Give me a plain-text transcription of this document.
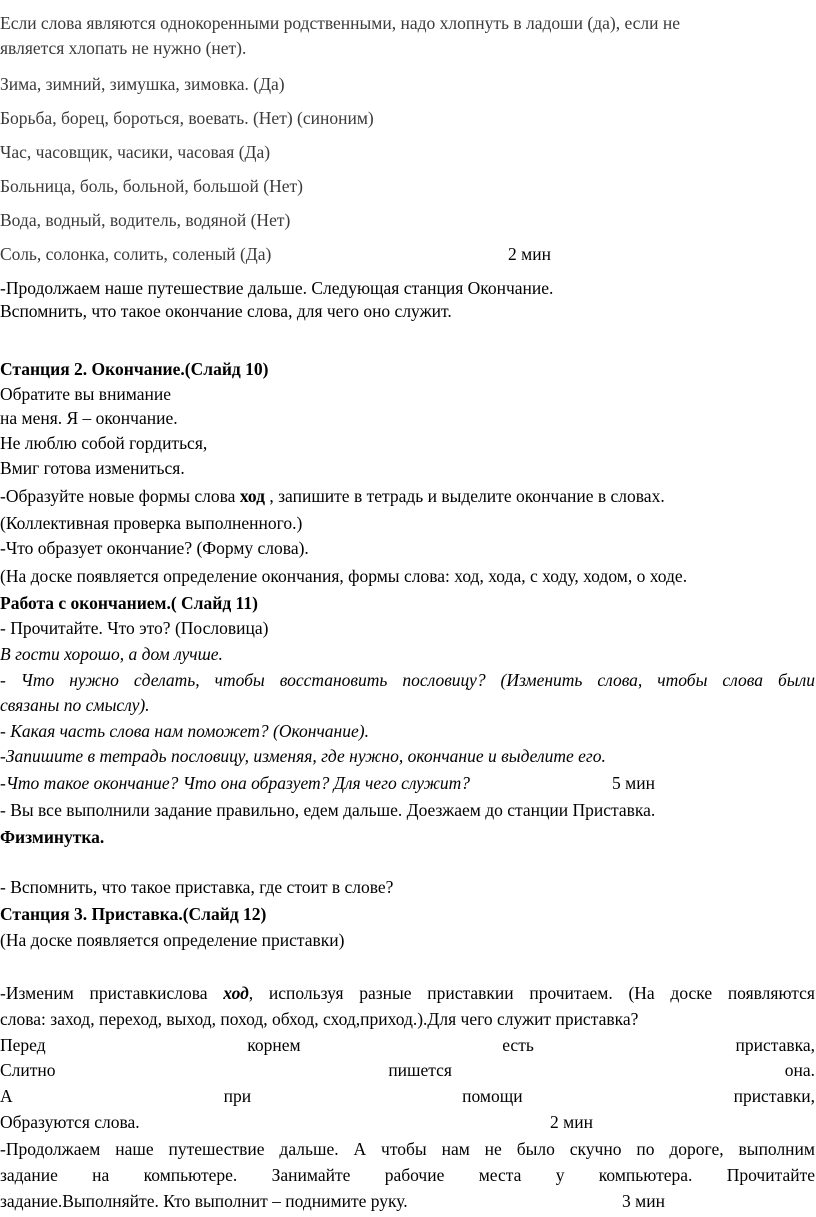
Если слова являются однокоренными родственными, надо хлопнуть в ладоши (да), если не
является хлопать не нужно (нет).
Зима, зимний, зимушка, зимовка. (Да)
Борьба, борец, бороться, воевать. (Нет) (синоним)
Час, часовщик, часики, часовая (Да)
Больница, боль, больной, большой (Нет)
Вода, водный, водитель, водяной (Нет)
Соль, солонка, солить, соленый (Да)	2 мин
-Продолжаем наше путешествие дальше. Следующая станция Окончание.
Вспомнить, что такое окончание слова, для чего оно служит.
Станция 2. Окончание.(Слайд 10)
Обратите вы внимание
на меня. Я – окончание.
Не люблю собой гордиться,
Вмиг готова измениться.
-Образуйте новые формы слова ход , запишите в тетрадь и выделите окончание в словах.
(Коллективная проверка выполненного.)
-Что образует окончание? (Форму слова).
(На доске появляется определение окончания, формы слова: ход, хода, с ходу, ходом, о ходе.
Работа с окончанием.( Слайд 11)
- Прочитайте. Что это? (Пословица)
В гости хорошо, а дом лучше.
- Что нужно сделать, чтобы восстановить пословицу? (Изменить слова, чтобы слова были
связаны по смыслу).
- Какая часть слова нам поможет? (Окончание).
-Запишите в тетрадь пословицу, изменяя, где нужно, окончание и выделите его.
-Что такое окончание? Что она образует? Для чего служит?	5 мин
- Вы все выполнили задание правильно, едем дальше. Доезжаем до станции Приставка.
Физминутка.
- Вспомнить, что такое приставка, где стоит в слове?
Станция 3. Приставка.(Слайд 12)
(На доске появляется определение приставки)
-Изменим приставкислова ход, используя разные приставкии прочитаем. (На доске появляются
слова: заход, переход, выход, поход, обход, сход,приход.).Для чего служит приставка?
Перед	корнем	есть	приставка,
Слитно	пишется	она.
А	при	помощи	приставки,
Образуются слова.	2 мин
-Продолжаем наше путешествие дальше. А чтобы нам не было скучно по дороге, выполним
задание на компьютере. Занимайте рабочие места у компьютера. Прочитайте
задание.Выполняйте. Кто выполнит – поднимите руку.	3 мин
